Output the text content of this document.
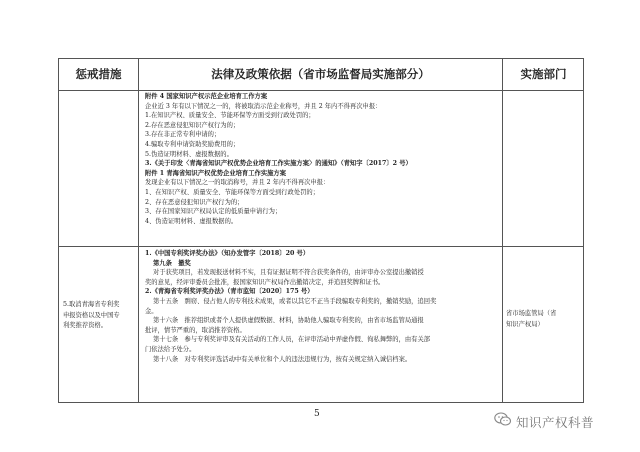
惩戒措施	法律及政策依据（省市场监督局实施部分）	实施部门
附件 4 国家知识产权示范企业培育工作方案
企业近 3 年有以下情况之一的，将被取消示范企业称号，并且 2 年内不得再次申报：
1.在知识产权、质量安全、节能环保等方面受到行政处罚的；
2.存在恶意侵犯知识产权行为的；
3.存在非正常专利申请的；
4.骗取专利申请资助奖励费用的；
5.伪造证明材料、虚报数据的。
3.《关于印发〈青海省知识产权优势企业培育工作实施方案〉的通知》（青知字〔2017〕2 号）
附件 1 青海省知识产权优势企业培育工作实施方案
发现企业有以下情况之一的取消称号，并且 2 年内不得再次申报：
1、在知识产权、质量安全、节能环保等方面受到行政处罚的；
2、存在恶意侵犯知识产权行为的；
3、存在国家知识产权局认定的低质量申请行为；
4、伪造证明材料、虚报数据的。
5.取消青海省专利奖
申报资格以及中国专
利奖推荐资格。
1.《中国专利奖评奖办法》（知办发管字〔2018〕20 号）
第九条　撤奖
对于获奖项目，若发现报送材料不实，且有证据证明不符合获奖条件的，由评审办公室提出撤销授
奖的意见，经评审委员会批准，报国家知识产权局作出撤销决定，并追回奖牌和证书。
2.《青海省专利奖评奖办法》（青市监知〔2020〕175 号）
第十五条　剽窃、侵占他人的专利技术成果，或者以其它不正当手段骗取专利奖的，撤销奖励，追回奖
金。
第十六条　推荐组织或者个人提供虚假数据、材料，协助他人骗取专利奖的，由省市场监管局通报
批评，情节严重的，取消推荐资格。
第十七条　参与专利奖评审及有关活动的工作人员，在评审活动中弄虚作假、徇私舞弊的，由有关部
门依法给予处分。
第十八条　对专利奖评选活动中有关单位和个人的违法违规行为，按有关规定纳入诚信档案。
省市场监管局（省
知识产权局）
5
知识产权科普
